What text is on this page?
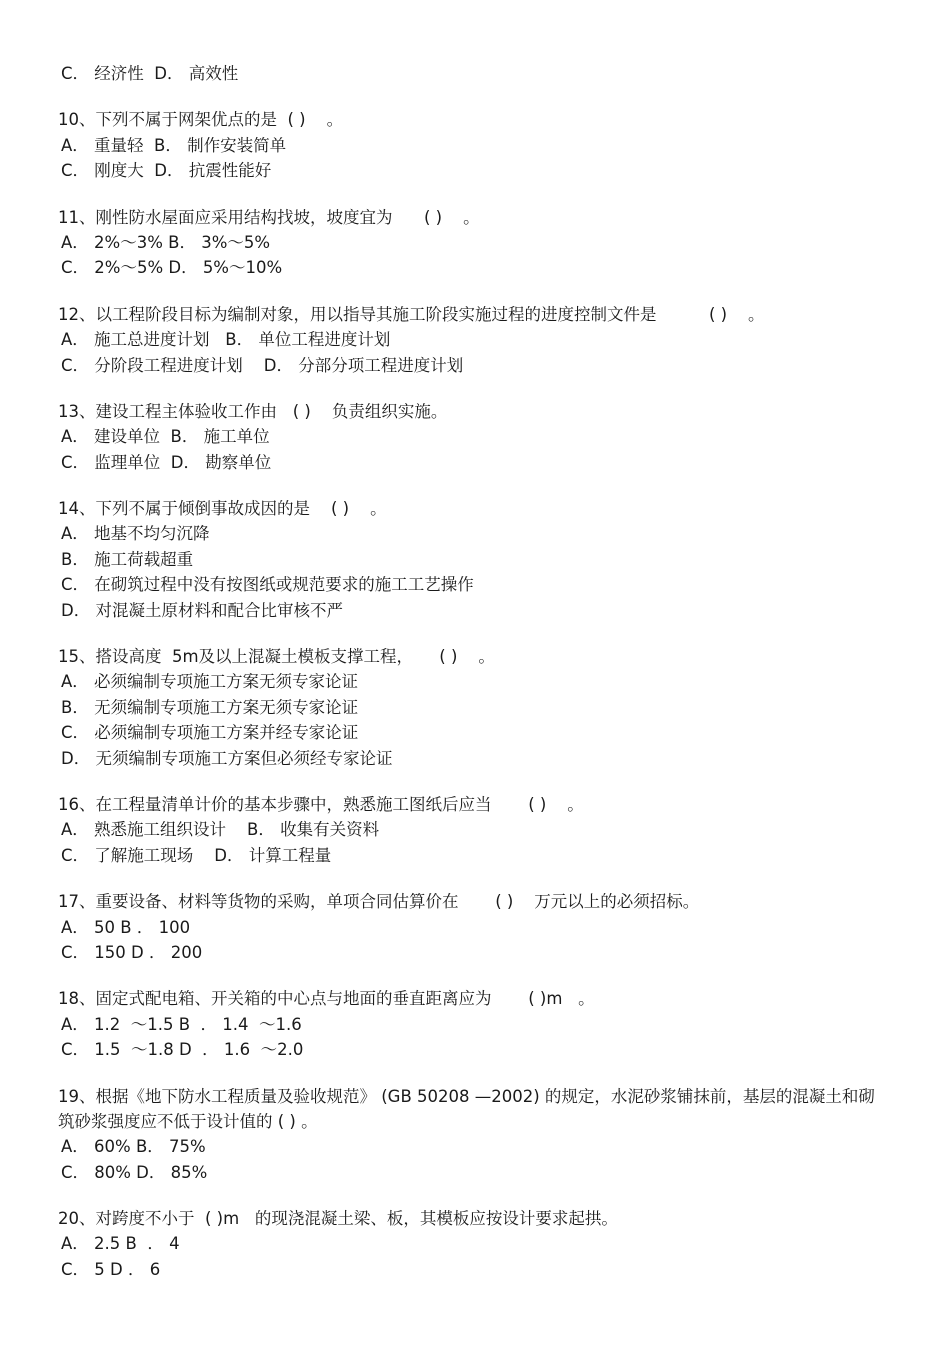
C． 经济性  D． 高效性
10、下列不属于网架优点的是  ( )    。
A． 重量轻  B． 制作安装简单
C． 刚度大  D． 抗震性能好
11、刚性防水屋面应采用结构找坡，坡度宜为      ( )    。
A． 2%～3% B． 3%～5%
C． 2%～5% D． 5%～10%
12、以工程阶段目标为编制对象，用以指导其施工阶段实施过程的进度控制文件是          ( )    。
A． 施工总进度计划   B． 单位工程进度计划
C． 分阶段工程进度计划    D． 分部分项工程进度计划
13、建设工程主体验收工作由   ( )    负责组织实施。
A． 建设单位  B． 施工单位
C． 监理单位  D． 勘察单位
14、下列不属于倾倒事故成因的是    ( )    。
A． 地基不均匀沉降
B． 施工荷载超重
C． 在砌筑过程中没有按图纸或规范要求的施工工艺操作
D． 对混凝土原材料和配合比审核不严
15、搭设高度  5m及以上混凝土模板支撑工程，     ( )    。
A． 必须编制专项施工方案无须专家论证
B． 无须编制专项施工方案无须专家论证
C． 必须编制专项施工方案并经专家论证
D． 无须编制专项施工方案但必须经专家论证
16、在工程量清单计价的基本步骤中，熟悉施工图纸后应当       ( )    。
A． 熟悉施工组织设计    B． 收集有关资料
C． 了解施工现场    D． 计算工程量
17、重要设备、材料等货物的采购，单项合同估算价在       ( )    万元以上的必须招标。
A． 50 B ． 100
C． 150 D ． 200
18、固定式配电箱、开关箱的中心点与地面的垂直距离应为       ( )m   。
A． 1.2  ～1.5 B  ． 1.4  ～1.6
C． 1.5  ～1.8 D  ． 1.6  ～2.0
19、根据《地下防水工程质量及验收规范》 (GB 50208 —2002) 的规定，水泥砂浆铺抹前，基层的混凝土和砌筑砂浆强度应不低于设计值的 ( ) 。
A． 60% B． 75%
C． 80% D． 85%
20、对跨度不小于  ( )m   的现浇混凝土梁、板，其模板应按设计要求起拱。
A． 2.5 B  ． 4
C． 5 D ． 6
